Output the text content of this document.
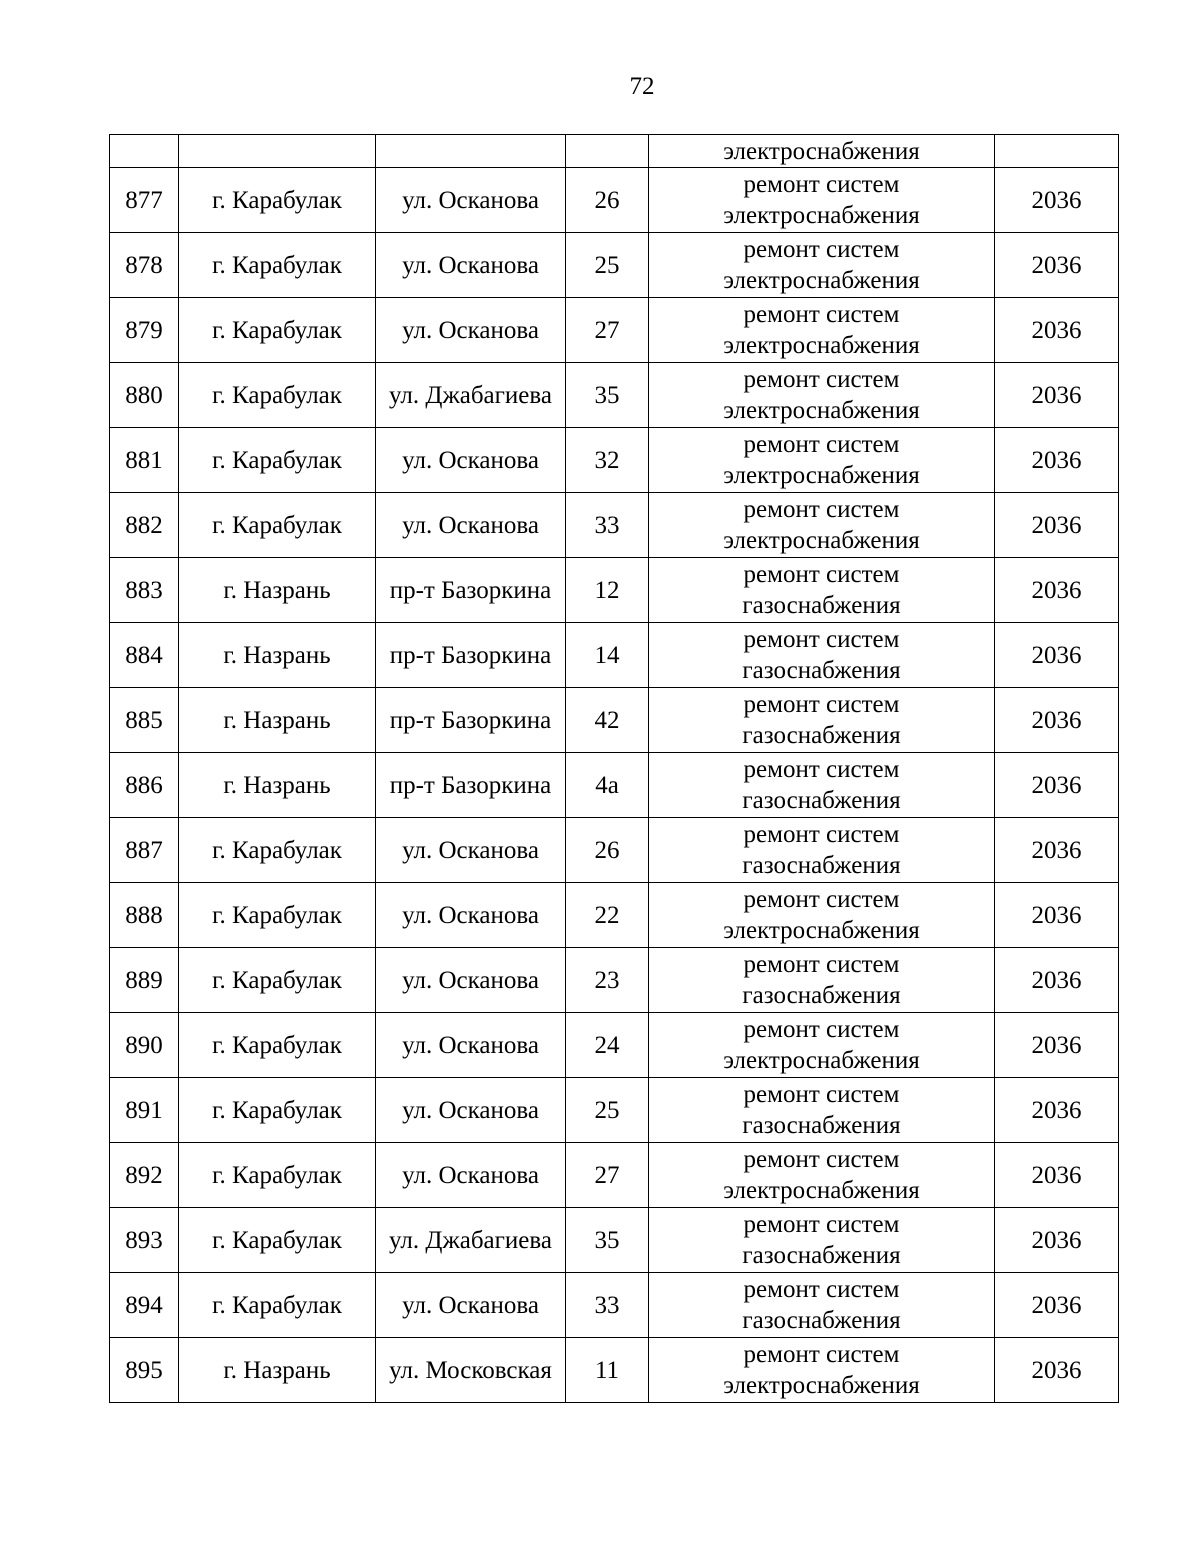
72
				электроснабжения	
877	г. Карабулак	ул. Осканова	26	ремонт систем
электроснабжения	2036
878	г. Карабулак	ул. Осканова	25	ремонт систем
электроснабжения	2036
879	г. Карабулак	ул. Осканова	27	ремонт систем
электроснабжения	2036
880	г. Карабулак	ул. Джабагиева	35	ремонт систем
электроснабжения	2036
881	г. Карабулак	ул. Осканова	32	ремонт систем
электроснабжения	2036
882	г. Карабулак	ул. Осканова	33	ремонт систем
электроснабжения	2036
883	г. Назрань	пр-т Базоркина	12	ремонт систем
газоснабжения	2036
884	г. Назрань	пр-т Базоркина	14	ремонт систем
газоснабжения	2036
885	г. Назрань	пр-т Базоркина	42	ремонт систем
газоснабжения	2036
886	г. Назрань	пр-т Базоркина	4а	ремонт систем
газоснабжения	2036
887	г. Карабулак	ул. Осканова	26	ремонт систем
газоснабжения	2036
888	г. Карабулак	ул. Осканова	22	ремонт систем
электроснабжения	2036
889	г. Карабулак	ул. Осканова	23	ремонт систем
газоснабжения	2036
890	г. Карабулак	ул. Осканова	24	ремонт систем
электроснабжения	2036
891	г. Карабулак	ул. Осканова	25	ремонт систем
газоснабжения	2036
892	г. Карабулак	ул. Осканова	27	ремонт систем
электроснабжения	2036
893	г. Карабулак	ул. Джабагиева	35	ремонт систем
газоснабжения	2036
894	г. Карабулак	ул. Осканова	33	ремонт систем
газоснабжения	2036
895	г. Назрань	ул. Московская	11	ремонт систем
электроснабжения	2036
